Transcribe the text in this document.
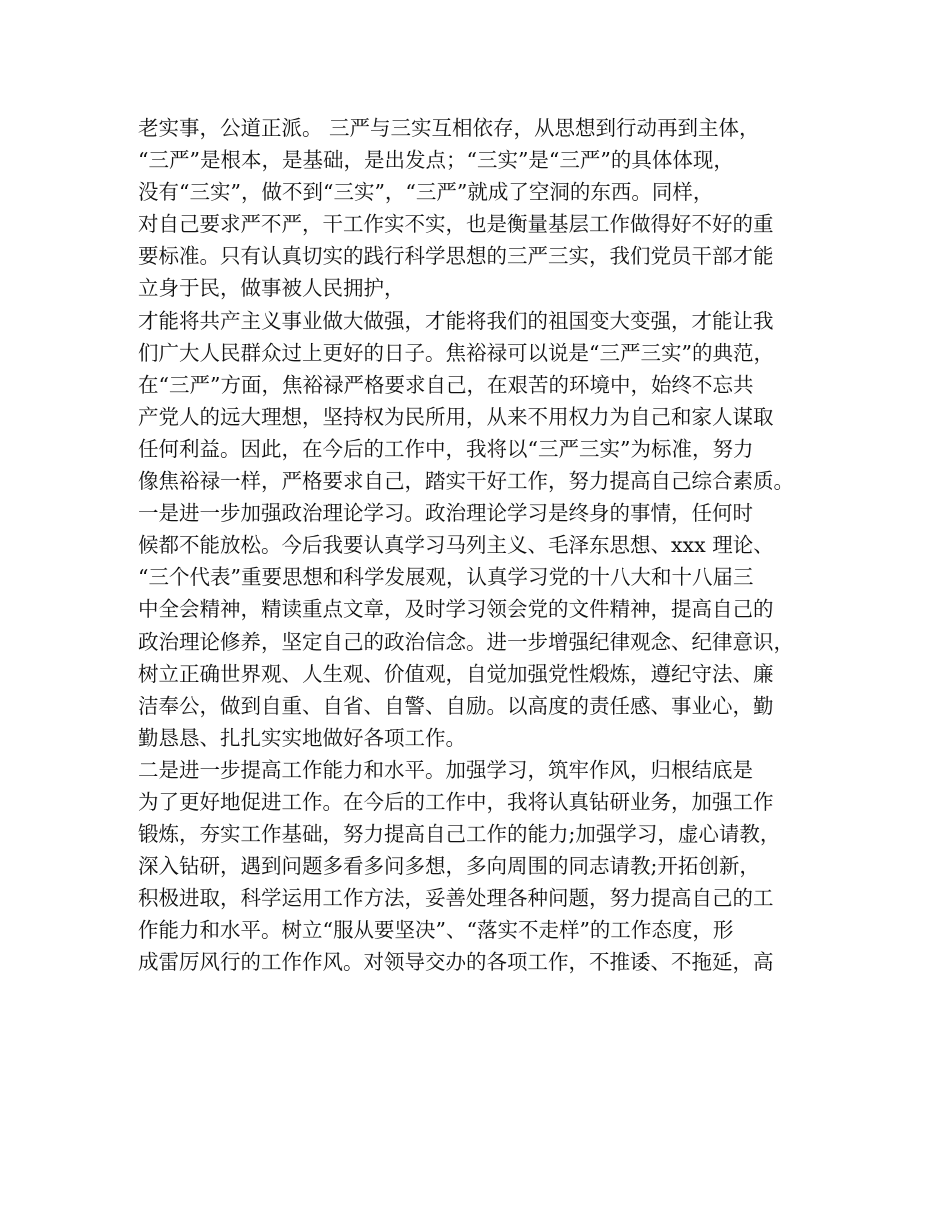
老实事，公道正派。 三严与三实互相依存，从思想到行动再到主体，
“三严”是根本，是基础，是出发点；“三实”是“三严”的具体体现，
没有“三实”，做不到“三实”，“三严”就成了空洞的东西。同样，
对自己要求严不严，干工作实不实，也是衡量基层工作做得好不好的重
要标准。只有认真切实的践行科学思想的三严三实，我们党员干部才能
立身于民，做事被人民拥护，
才能将共产主义事业做大做强，才能将我们的祖国变大变强，才能让我
们广大人民群众过上更好的日子。焦裕禄可以说是“三严三实”的典范，
在“三严”方面，焦裕禄严格要求自己，在艰苦的环境中，始终不忘共
产党人的远大理想，坚持权为民所用，从来不用权力为自己和家人谋取
任何利益。因此，在今后的工作中，我将以“三严三实”为标准，努力
像焦裕禄一样，严格要求自己，踏实干好工作，努力提高自己综合素质。
一是进一步加强政治理论学习。政治理论学习是终身的事情，任何时
候都不能放松。今后我要认真学习马列主义、毛泽东思想、xxx 理论、
“三个代表”重要思想和科学发展观，认真学习党的十八大和十八届三
中全会精神，精读重点文章，及时学习领会党的文件精神，提高自己的
政治理论修养，坚定自己的政治信念。进一步增强纪律观念、纪律意识，
树立正确世界观、人生观、价值观，自觉加强党性煅炼，遵纪守法、廉
洁奉公，做到自重、自省、自警、自励。以高度的责任感、事业心，勤
勤恳恳、扎扎实实地做好各项工作。
二是进一步提高工作能力和水平。加强学习，筑牢作风，归根结底是
为了更好地促进工作。在今后的工作中，我将认真钻研业务，加强工作
锻炼，夯实工作基础，努力提高自己工作的能力;加强学习，虚心请教，
深入钻研，遇到问题多看多问多想，多向周围的同志请教;开拓创新，
积极进取，科学运用工作方法，妥善处理各种问题，努力提高自己的工
作能力和水平。树立“服从要坚决”、“落实不走样”的工作态度，形
成雷厉风行的工作作风。对领导交办的各项工作，不推诿、不拖延，高
